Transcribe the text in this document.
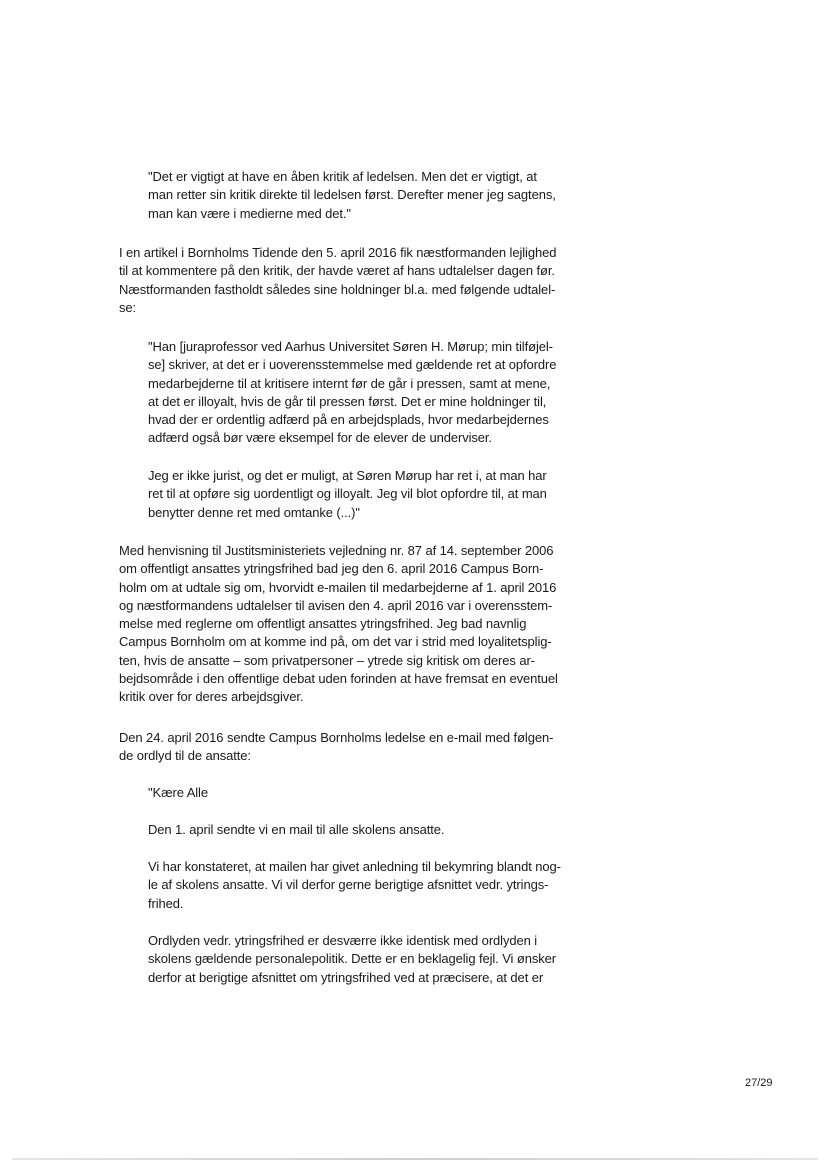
"Det er vigtigt at have en åben kritik af ledelsen. Men det er vigtigt, at
man retter sin kritik direkte til ledelsen først. Derefter mener jeg sagtens,
man kan være i medierne med det."

I en artikel i Bornholms Tidende den 5. april 2016 fik næstformanden lejlighed
til at kommentere på den kritik, der havde været af hans udtalelser dagen før.
Næstformanden fastholdt således sine holdninger bl.a. med følgende udtalel-
se:

"Han [juraprofessor ved Aarhus Universitet Søren H. Mørup; min tilføjel-
se] skriver, at det er i uoverensstemmelse med gældende ret at opfordre
medarbejderne til at kritisere internt før de går i pressen, samt at mene,
at det er illoyalt, hvis de går til pressen først. Det er mine holdninger til,
hvad der er ordentlig adfærd på en arbejdsplads, hvor medarbejdernes
adfærd også bør være eksempel for de elever de underviser.

Jeg er ikke jurist, og det er muligt, at Søren Mørup har ret i, at man har
ret til at opføre sig uordentligt og illoyalt. Jeg vil blot opfordre til, at man
benytter denne ret med omtanke (...)"

Med henvisning til Justitsministeriets vejledning nr. 87 af 14. september 2006
om offentligt ansattes ytringsfrihed bad jeg den 6. april 2016 Campus Born-
holm om at udtale sig om, hvorvidt e-mailen til medarbejderne af 1. april 2016
og næstformandens udtalelser til avisen den 4. april 2016 var i overensstem-
melse med reglerne om offentligt ansattes ytringsfrihed. Jeg bad navnlig
Campus Bornholm om at komme ind på, om det var i strid med loyalitetsplig-
ten, hvis de ansatte – som privatpersoner – ytrede sig kritisk om deres ar-
bejdsområde i den offentlige debat uden forinden at have fremsat en eventuel
kritik over for deres arbejdsgiver.

Den 24. april 2016 sendte Campus Bornholms ledelse en e-mail med følgen-
de ordlyd til de ansatte:

"Kære Alle

Den 1. april sendte vi en mail til alle skolens ansatte.

Vi har konstateret, at mailen har givet anledning til bekymring blandt nog-
le af skolens ansatte. Vi vil derfor gerne berigtige afsnittet vedr. ytrings-
frihed.

Ordlyden vedr. ytringsfrihed er desværre ikke identisk med ordlyden i
skolens gældende personalepolitik. Dette er en beklagelig fejl. Vi ønsker
derfor at berigtige afsnittet om ytringsfrihed ved at præcisere, at det er

27/29
